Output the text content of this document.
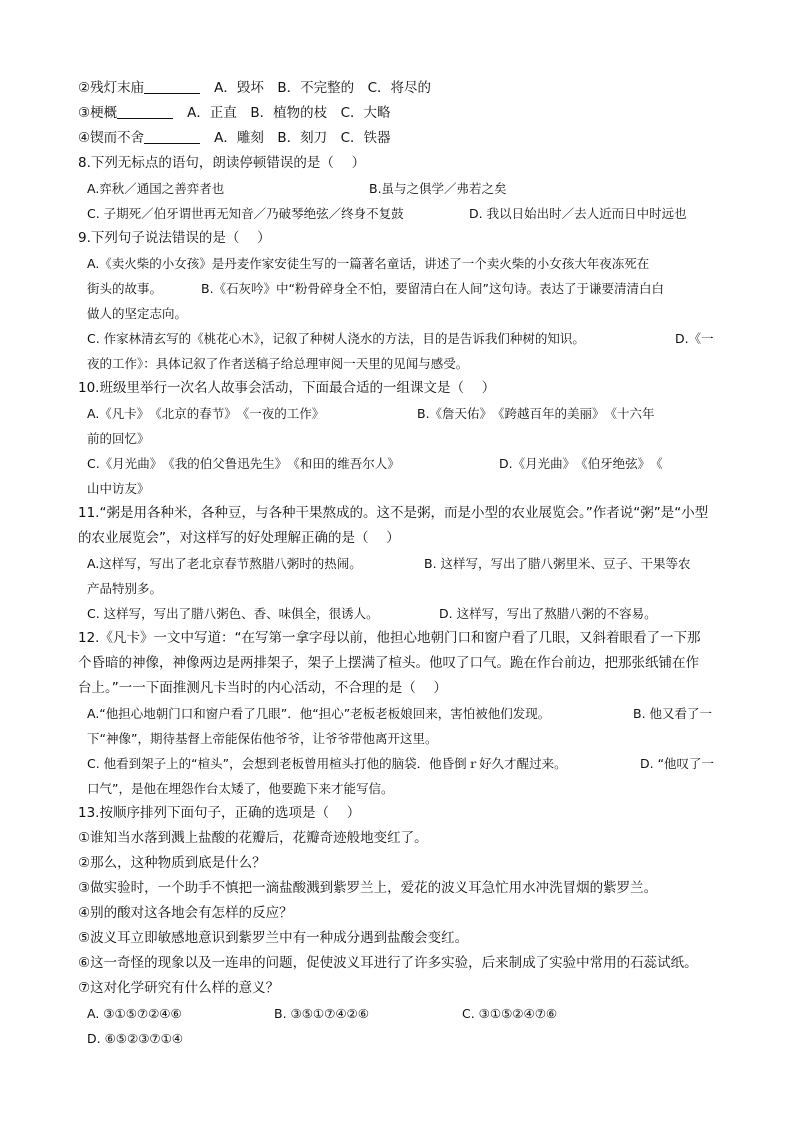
②残灯末庙	A．毁坏　B．不完整的　C．将尽的
③梗概	A．正直　B．植物的枝　C．大略
④锲而不舍	A．雕刻　B．刻刀　C．铁器
8.下列无标点的语句，朗读停顿错误的是（　 ）
A.弈秋／通国之善弈者也	B.虽与之俱学／弗若之矣
C. 子期死／伯牙谓世再无知音／乃破琴绝弦／终身不复鼓	D. 我以日始出时／去人近而日中时远也
9.下列句子说法错误的是（　 ）
A.《卖火柴的小女孩》是丹麦作家安徒生写的一篇著名童话，讲述了一个卖火柴的小女孩大年夜冻死在
街头的故事。	B.《石灰吟》中“粉骨碎身全不怕，要留清白在人间”这句诗。表达了于谦要清清白白
做人的坚定志向。
C. 作家林清玄写的《桃花心木》，记叙了种树人浇水的方法，目的是告诉我们种树的知识。	D.《一
夜的工作》：具体记叙了作者送稿子给总理审阅一天里的见闻与感受。
10.班级里举行一次名人故事会活动，下面最合适的一组课文是（　 ）
A.《凡卡》　《北京的春节》　《一夜的工作》	B.《詹天佑》　《跨越百年的美丽》　《十六年
前的回忆》
C.《月光曲》　《我的伯父鲁迅先生》　《和田的维吾尔人》	D.《月光曲》　《伯牙绝弦》　《
山中访友》
11.“粥是用各种米，各种豆，与各种干果熬成的。这不是粥，而是小型的农业展览会。”作者说“粥”是“小型
的农业展览会”，对这样写的好处理解正确的是（　 ）
A.这样写，写出了老北京春节熬腊八粥时的热闹。	B. 这样写，写出了腊八粥里米、豆子、干果等农
产品特别多。
C. 这样写，写出了腊八粥色、香、味俱全，很诱人。	D. 这样写，写出了熬腊八粥的不容易。
12.《凡卡》一文中写道：“在写第一拿字母以前，他担心地朝门口和窗户看了几眼，又斜着眼看了一下那
个昏暗的神像，神像两边是两排架子，架子上摆满了楦头。他叹了口气。跪在作台前边，把那张纸铺在作
台上。”一一下面推测凡卡当时的内心活动，不合理的是（　 ）
A.“他担心地朝门口和窗户看了几眼”．他“担心”老板老板娘回来，害怕被他们发现。	B. 他又看了一
下“神像”，期待基督上帝能保佑他爷爷，让爷爷带他离开这里。
C. 他看到架子上的“楦头”，会想到老板曾用楦头打他的脑袋．他昏倒ｒ好久才醒过来。	D. “他叹了一
口气”，是他在埋怨作台太矮了，他要跪下来才能写信。
13.按顺序排列下面句子，正确的选项是（　 ）
①谁知当水落到溅上盐酸的花瓣后，花瓣奇迹般地变红了。
②那么，这种物质到底是什么？
③做实验时，一个助手不慎把一滴盐酸溅到紫罗兰上，爱花的波义耳急忙用水冲洗冒烟的紫罗兰。
④别的酸对这各地会有怎样的反应？
⑤波义耳立即敏感地意识到紫罗兰中有一种成分遇到盐酸会变红。
⑥这一奇怪的现象以及一连串的问题，促使波义耳进行了许多实验，后来制成了实验中常用的石蕊试纸。
⑦这对化学研究有什么样的意义？
A. ③①⑤⑦②④⑥	B. ③⑤①⑦④②⑥	C. ③①⑤②④⑦⑥
D. ⑥⑤②③⑦①④
